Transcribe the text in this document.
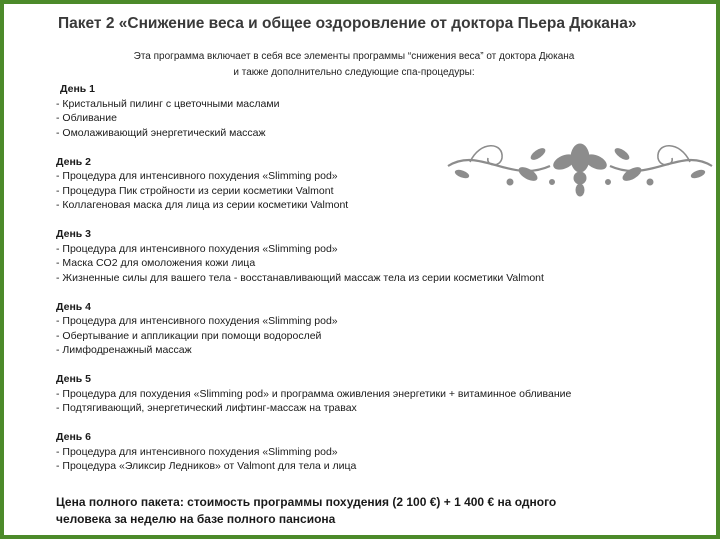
Пакет 2 «Снижение веса и общее оздоровление от доктора Пьера Дюкана»
Эта программа включает в себя все элементы программы “снижения веса” от доктора Дюкана
и также дополнительно следующие спа-процедуры:
День 1
- Кристальный пилинг с цветочными маслами
- Обливание
- Омолаживающий энергетический массаж
День 2
- Процедура для интенсивного похудения «Slimming pod»
- Процедура Пик стройности из серии косметики Valmont
- Коллагеновая маска для лица из серии косметики Valmont
День 3
- Процедура для интенсивного похудения «Slimming pod»
- Маска CO2 для омоложения кожи лица
- Жизненные силы для вашего тела - восстанавливающий массаж тела из серии косметики Valmont
День 4
- Процедура для интенсивного похудения «Slimming pod»
- Обертывание и аппликации при помощи водорослей
- Лимфодренажный массаж
День 5
- Процедура для похудения «Slimming pod» и программа оживления энергетики + витаминное обливание
- Подтягивающий, энергетический лифтинг-массаж на травах
День 6
- Процедура для интенсивного похудения «Slimming pod»
- Процедура «Эликсир Ледников» от Valmont для тела и лица
Цена полного пакета: стоимость программы похудения (2 100 €) + 1 400 € на одного
человека за неделю на базе полного пансиона
